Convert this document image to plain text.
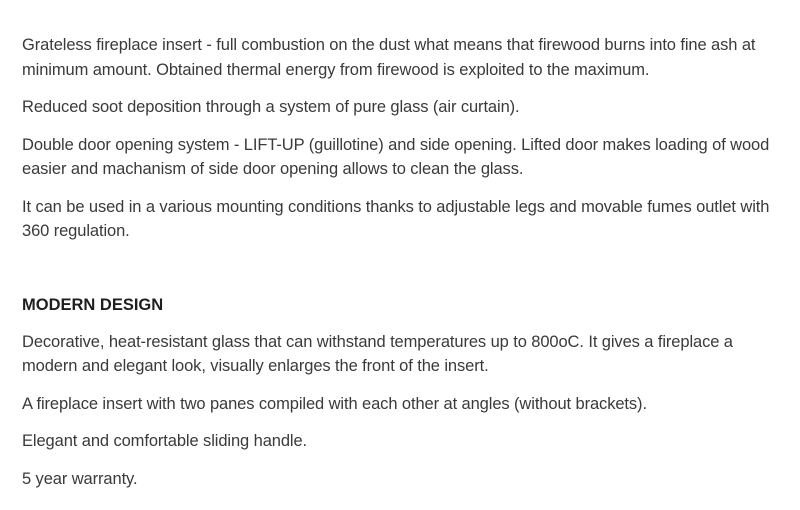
Grateless fireplace insert - full combustion on the dust what means that firewood burns into fine ash at minimum amount. Obtained thermal energy from firewood is exploited to the maximum.

Reduced soot deposition through a system of pure glass (air curtain).

Double door opening system - LIFT-UP (guillotine) and side opening. Lifted door makes loading of wood easier and machanism of side door opening allows to clean the glass.

It can be used in a various mounting conditions thanks to adjustable legs and movable fumes outlet with 360 regulation.

MODERN DESIGN

Decorative, heat-resistant glass that can withstand temperatures up to 800oC. It gives a fireplace a modern and elegant look, visually enlarges the front of the insert.

A fireplace insert with two panes compiled with each other at angles (without brackets).

Elegant and comfortable sliding handle.

5 year warranty.
